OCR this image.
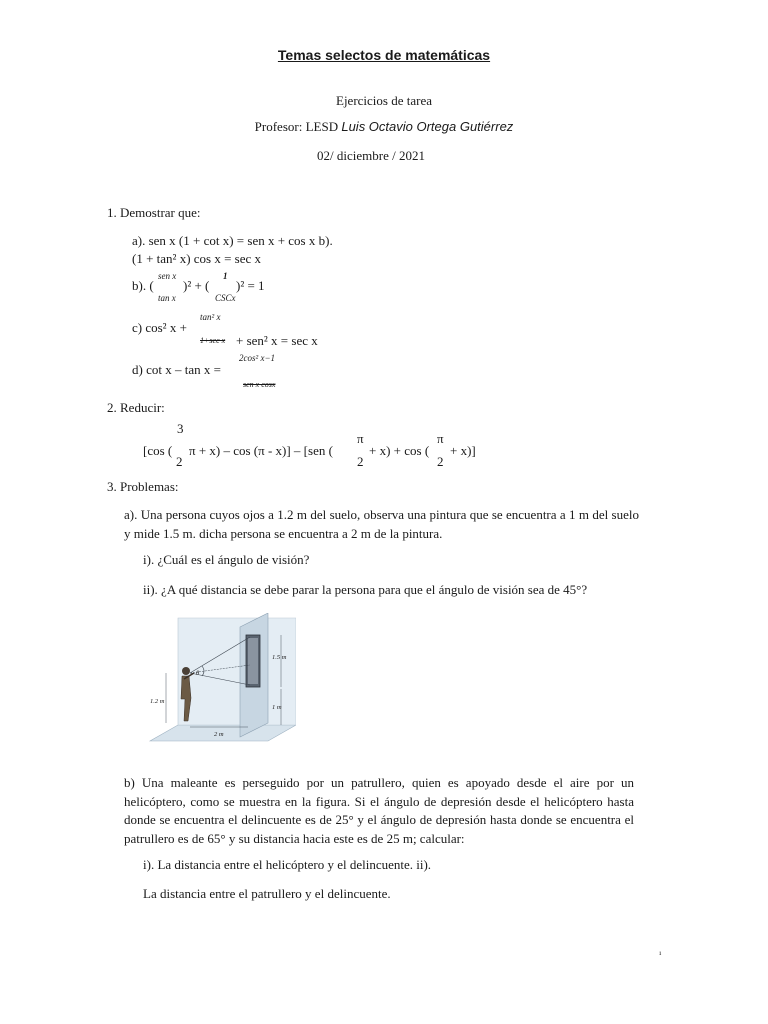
Temas selectos de matemáticas
Ejercicios de tarea
Profesor: LESD Luis Octavio Ortega Gutiérrez
02/ diciembre / 2021
1. Demostrar que:
a). sen x (1 + cot x) = sen x + cos x b).
(1 + tan² x) cos x = sec x
b). (
sen x
tan x
)² + (
1
CSCx
)² = 1
c) cos² x +
tan² x
1+sec x + sen² x = sec x
d) cot x – tan x =
2cos² x−1
sen x cosx
2. Reducir:
3
π	π
[cos ( π + x) – cos (π - x)] – [sen (	+ x) + cos ( + x)]
2	2	2
3. Problemas:
a). Una persona cuyos ojos a 1.2 m del suelo, observa una pintura que se encuentra a 1 m del suelo y mide 1.5 m. dicha persona se encuentra a 2 m de la pintura.
i). ¿Cuál es el ángulo de visión?
ii). ¿A qué distancia se debe parar la persona para que el ángulo de visión sea de 45°?
1.2 m
1.5 m
1 m
2 m
θ
b) Una maleante es perseguido por un patrullero, quien es apoyado desde el aire por un helicóptero, como se muestra en la figura. Si el ángulo de depresión desde el helicóptero hasta donde se encuentra el delincuente es de 25° y el ángulo de depresión hasta donde se encuentra el patrullero es de 65° y su distancia hacia este es de 25 m; calcular:
i). La distancia entre el helicóptero y el delincuente. ii).
La distancia entre el patrullero y el delincuente.
¹
